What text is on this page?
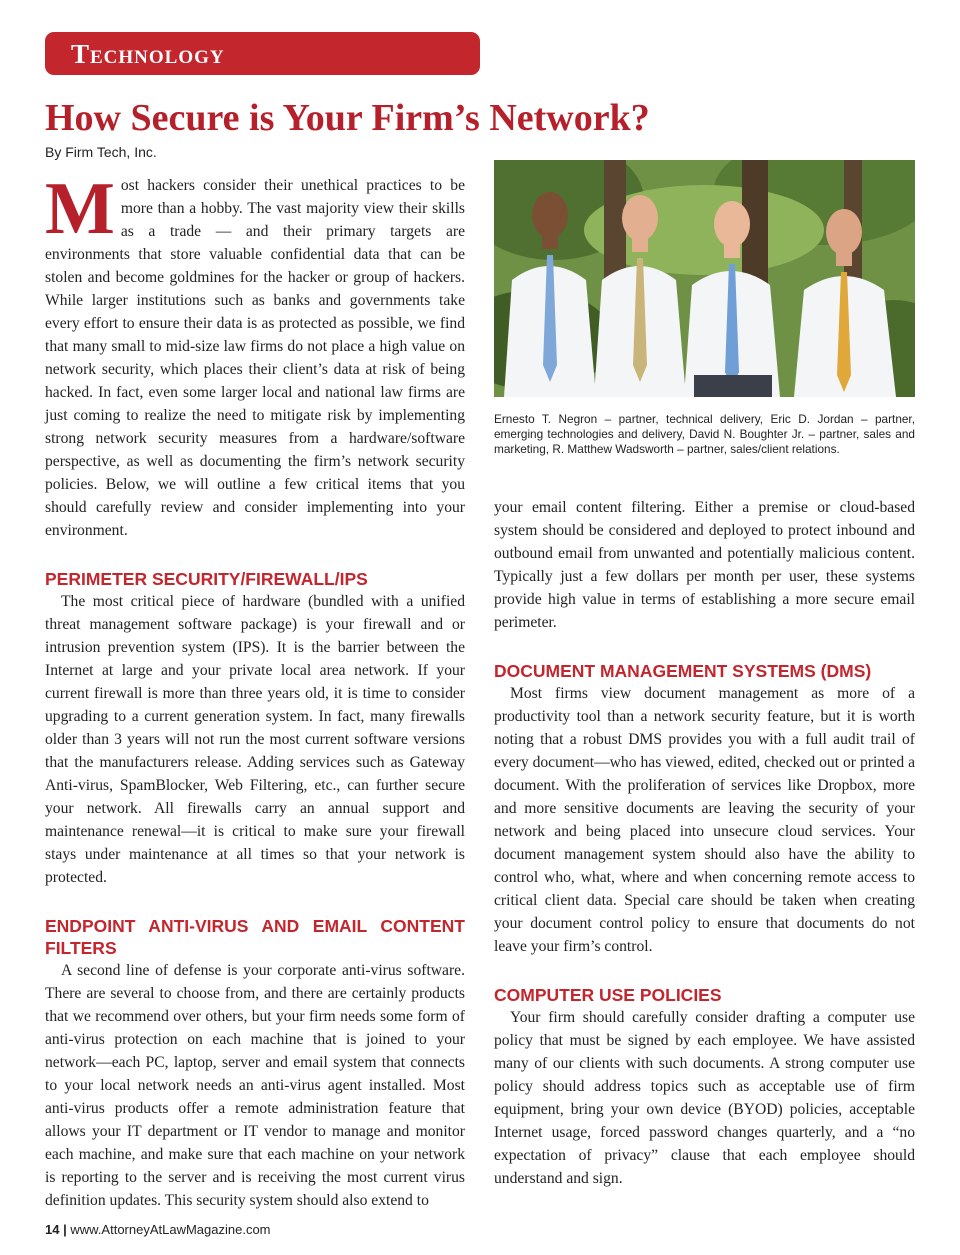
Technology
How Secure is Your Firm’s Network?
By Firm Tech, Inc.

Most hackers consider their unethical practices to be more than a hobby. The vast majority view their skills as a trade — and their primary targets are environments that store valuable confidential data that can be stolen and become goldmines for the hacker or group of hackers. While larger institutions such as banks and governments take every effort to ensure their data is as protected as possible, we find that many small to mid-size law firms do not place a high value on network security, which places their client’s data at risk of being hacked. In fact, even some larger local and national law firms are just coming to realize the need to mitigate risk by implementing strong network security measures from a hardware/software perspective, as well as documenting the firm’s network security policies. Below, we will outline a few critical items that you should carefully review and consider implementing into your environment.

PERIMETER SECURITY/FIREWALL/IPS

The most critical piece of hardware (bundled with a unified threat management software package) is your firewall and or intrusion prevention system (IPS). It is the barrier between the Internet at large and your private local area network. If your current firewall is more than three years old, it is time to consider upgrading to a current generation system. In fact, many firewalls older than 3 years will not run the most current software versions that the manufacturers release. Adding services such as Gateway Anti-virus, SpamBlocker, Web Filtering, etc., can further secure your network. All firewalls carry an annual support and maintenance renewal—it is critical to make sure your firewall stays under maintenance at all times so that your network is protected.

ENDPOINT ANTI-VIRUS AND EMAIL CONTENT FILTERS

A second line of defense is your corporate anti-virus software. There are several to choose from, and there are certainly products that we recommend over others, but your firm needs some form of anti-virus protection on each machine that is joined to your network—each PC, laptop, server and email system that connects to your local network needs an anti-virus agent installed. Most anti-virus products offer a remote administration feature that allows your IT department or IT vendor to manage and monitor each machine, and make sure that each machine on your network is reporting to the server and is receiving the most current virus definition updates. This security system should also extend to

Ernesto T. Negron – partner, technical delivery, Eric D. Jordan – partner, emerging technologies and delivery, David N. Boughter Jr. – partner, sales and marketing, R. Matthew Wadsworth – partner, sales/client relations.

your email content filtering. Either a premise or cloud-based system should be considered and deployed to protect inbound and outbound email from unwanted and potentially malicious content. Typically just a few dollars per month per user, these systems provide high value in terms of establishing a more secure email perimeter.

DOCUMENT MANAGEMENT SYSTEMS (DMS)

Most firms view document management as more of a productivity tool than a network security feature, but it is worth noting that a robust DMS provides you with a full audit trail of every document—who has viewed, edited, checked out or printed a document. With the proliferation of services like Dropbox, more and more sensitive documents are leaving the security of your network and being placed into unsecure cloud services. Your document management system should also have the ability to control who, what, where and when concerning remote access to critical client data. Special care should be taken when creating your document control policy to ensure that documents do not leave your firm’s control.

COMPUTER USE POLICIES

Your firm should carefully consider drafting a computer use policy that must be signed by each employee. We have assisted many of our clients with such documents. A strong computer use policy should address topics such as acceptable use of firm equipment, bring your own device (BYOD) policies, acceptable Internet usage, forced password changes quarterly, and a “no expectation of privacy” clause that each employee should understand and sign.

14 | www.AttorneyAtLawMagazine.com
